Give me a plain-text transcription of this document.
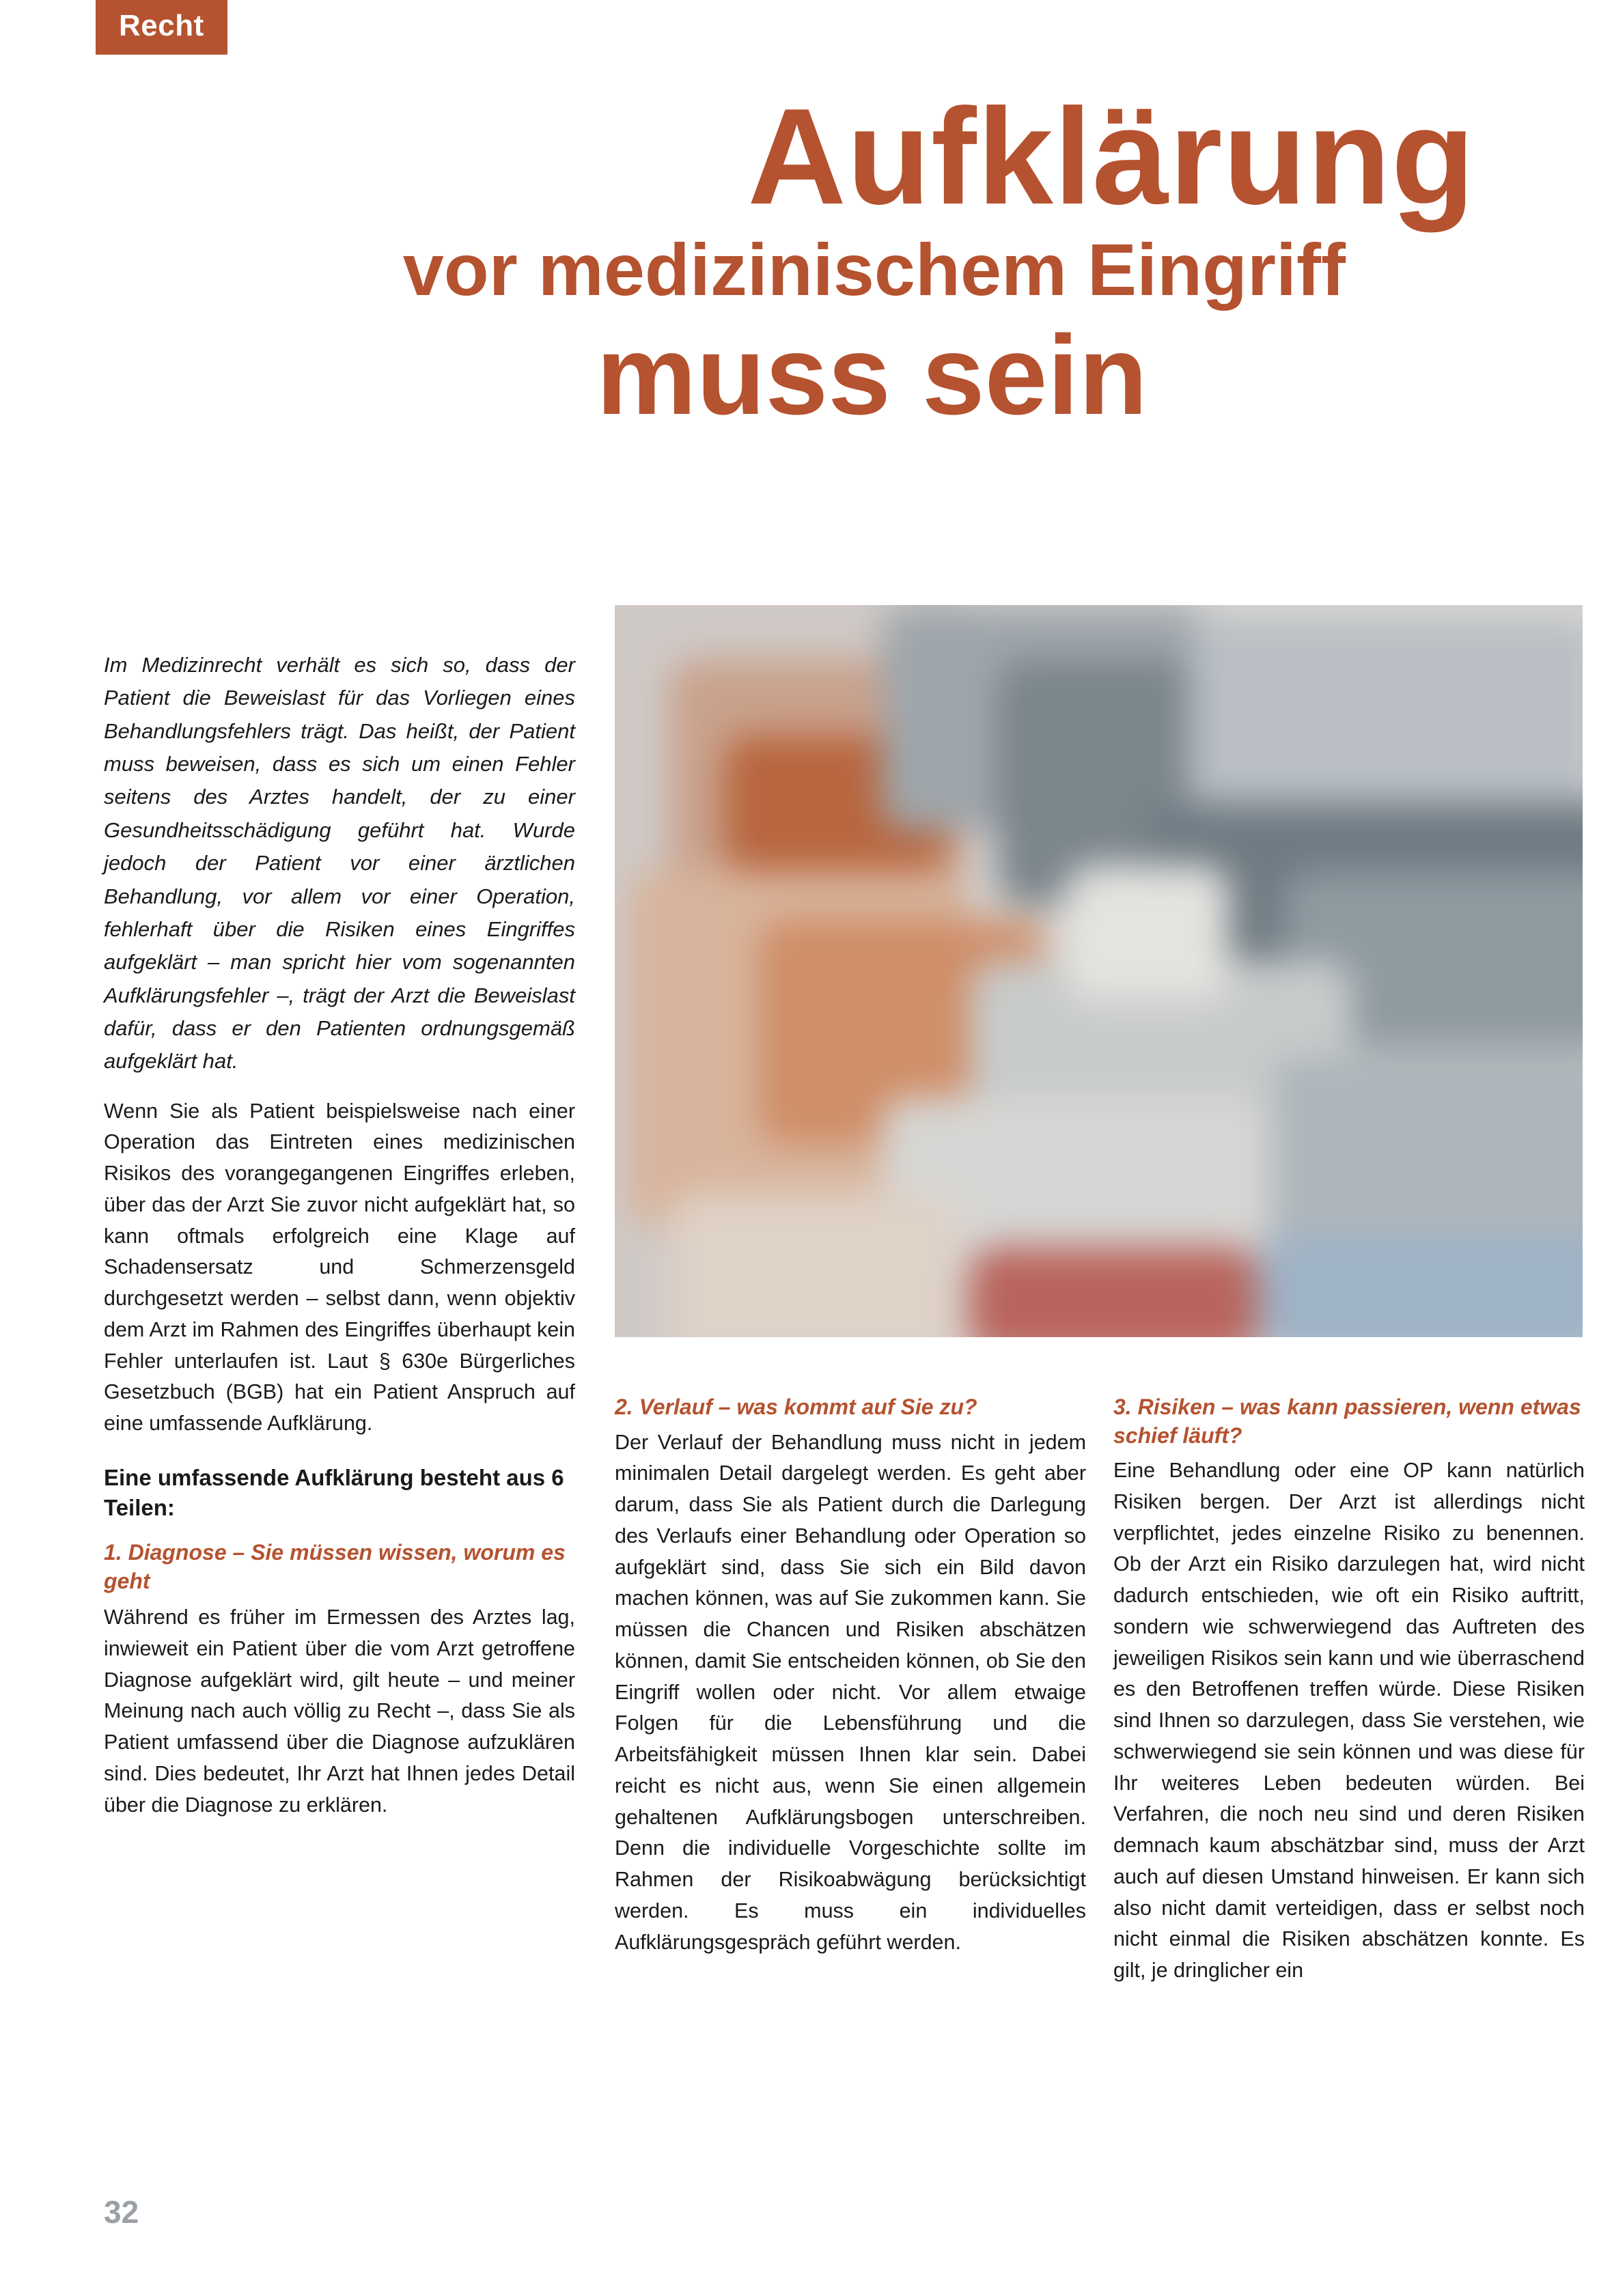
Recht
Aufklärung
vor medizinischem Eingriff
muss sein

Im Medizinrecht verhält es sich so, dass der Patient die Beweislast für das Vorliegen eines Behandlungsfehlers trägt. Das heißt, der Patient muss beweisen, dass es sich um einen Fehler seitens des Arztes handelt, der zu einer Gesundheitsschädigung geführt hat. Wurde jedoch der Patient vor einer ärztlichen Behandlung, vor allem vor einer Operation, fehlerhaft über die Risiken eines Eingriffes aufgeklärt – man spricht hier vom sogenannten Aufklärungsfehler –, trägt der Arzt die Beweislast dafür, dass er den Patienten ordnungsgemäß aufgeklärt hat.

Wenn Sie als Patient beispielsweise nach einer Operation das Eintreten eines medizinischen Risikos des vorangegangenen Eingriffes erleben, über das der Arzt Sie zuvor nicht aufgeklärt hat, so kann oftmals erfolgreich eine Klage auf Schadensersatz und Schmerzensgeld durchgesetzt werden – selbst dann, wenn objektiv dem Arzt im Rahmen des Eingriffes überhaupt kein Fehler unterlaufen ist. Laut § 630e Bürgerliches Gesetzbuch (BGB) hat ein Patient Anspruch auf eine umfassende Aufklärung.

Eine umfassende Aufklärung besteht aus 6 Teilen:
1. Diagnose – Sie müssen wissen, worum es geht

Während es früher im Ermessen des Arztes lag, inwieweit ein Patient über die vom Arzt getroffene Diagnose aufgeklärt wird, gilt heute – und meiner Meinung nach auch völlig zu Recht –, dass Sie als Patient umfassend über die Diagnose aufzuklären sind. Dies bedeutet, Ihr Arzt hat Ihnen jedes Detail über die Diagnose zu erklären.

2. Verlauf – was kommt auf Sie zu?

Der Verlauf der Behandlung muss nicht in jedem minimalen Detail dargelegt werden. Es geht aber darum, dass Sie als Patient durch die Darlegung des Verlaufs einer Behandlung oder Operation so aufgeklärt sind, dass Sie sich ein Bild davon machen können, was auf Sie zukommen kann. Sie müssen die Chancen und Risiken abschätzen können, damit Sie entscheiden können, ob Sie den Eingriff wollen oder nicht. Vor allem etwaige Folgen für die Lebensführung und die Arbeitsfähigkeit müssen Ihnen klar sein. Dabei reicht es nicht aus, wenn Sie einen allgemein gehaltenen Aufklärungsbogen unterschreiben. Denn die individuelle Vorgeschichte sollte im Rahmen der Risikoabwägung berücksichtigt werden. Es muss ein individuelles Aufklärungsgespräch geführt werden.

3. Risiken – was kann passieren, wenn etwas schief läuft?

Eine Behandlung oder eine OP kann natürlich Risiken bergen. Der Arzt ist allerdings nicht verpflichtet, jedes einzelne Risiko zu benennen. Ob der Arzt ein Risiko darzulegen hat, wird nicht dadurch entschieden, wie oft ein Risiko auftritt, sondern wie schwerwiegend das Auftreten des jeweiligen Risikos sein kann und wie überraschend es den Betroffenen treffen würde. Diese Risiken sind Ihnen so darzulegen, dass Sie verstehen, wie schwerwiegend sie sein können und was diese für Ihr weiteres Leben bedeuten würden. Bei Verfahren, die noch neu sind und deren Risiken demnach kaum abschätzbar sind, muss der Arzt auch auf diesen Umstand hinweisen. Er kann sich also nicht damit verteidigen, dass er selbst noch nicht einmal die Risiken abschätzen konnte. Es gilt, je dringlicher ein

32
